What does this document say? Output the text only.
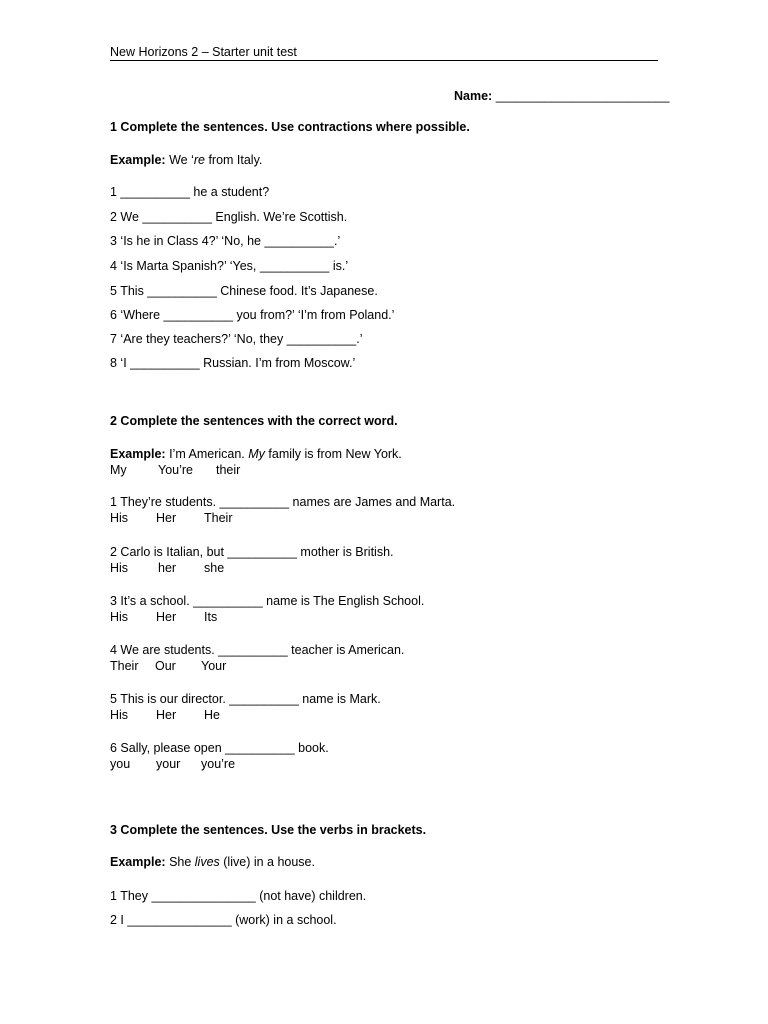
New Horizons 2 – Starter unit test
Name: _________________________
1 Complete the sentences. Use contractions where possible.
Example: We ‘re from Italy.
1 __________ he a student?
2 We __________ English. We’re Scottish.
3 ‘Is he in Class 4?’ ‘No, he __________.’
4 ‘Is Marta Spanish?’ ‘Yes, __________ is.’
5 This __________ Chinese food. It’s Japanese.
6 ‘Where __________ you from?’ ‘I’m from Poland.’
7 ‘Are they teachers?’ ‘No, they __________.’
8 ‘I __________ Russian. I’m from Moscow.’
2 Complete the sentences with the correct word.
Example: I’m American. My family is from New York.
My	You’re their
1 They’re students. __________ names are James and Marta.
His Her Their
2 Carlo is Italian, but __________ mother is British.
His her she
3 It’s a school. __________ name is The English School.
His Her Its
4 We are students. __________ teacher is American.
Their Our Your
5 This is our director. __________ name is Mark.
His Her He
6 Sally, please open __________ book.
you your you’re
3 Complete the sentences. Use the verbs in brackets.
Example: She lives (live) in a house.
1 They _______________ (not have) children.
2 I _______________ (work) in a school.
